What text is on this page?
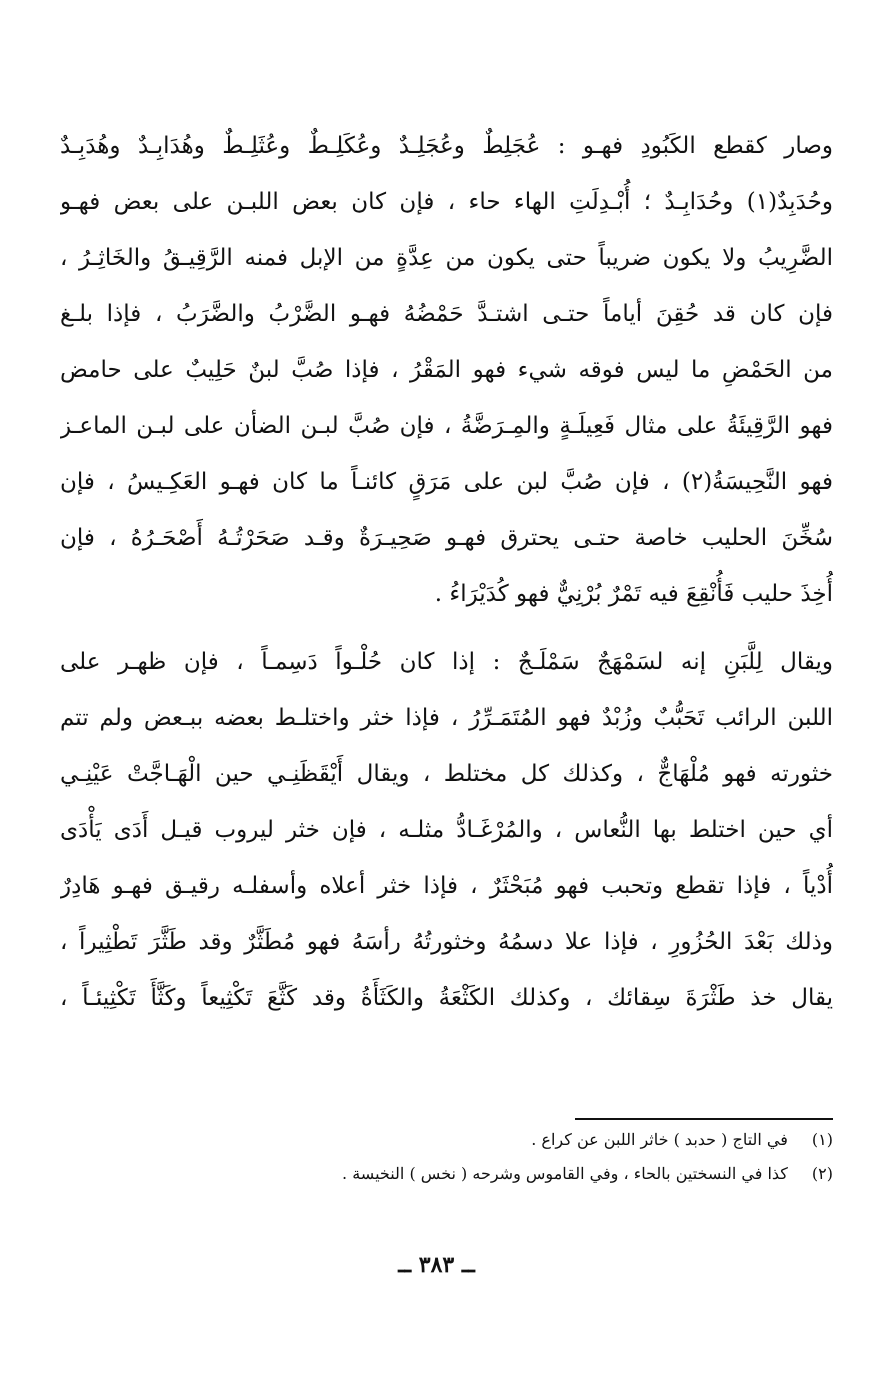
وصار كقطع الكَبُودِ فهـو : عُجَلِطٌ وعُجَلِـدٌ وعُكَلِـطٌ وعُثَلِـطٌ وهُدَابِـدٌ وهُدَبِـدٌ
وحُدَبِدٌ(١) وحُدَابِـدٌ ؛ أُبْـدِلَتِ الهاء حاء ، فإن كان بعض اللبـن على بعض فهـو
الضَّرِيبُ ولا يكون ضريباً حتى يكون من عِدَّةٍ من الإبل فمنه الرَّقِيـقُ والخَاثِـرُ ،
فإن كان قد حُقِنَ أياماً حتـى اشتـدَّ حَمْضُهُ فهـو الضَّرْبُ والضَّرَبُ ، فإذا بلـغ
من الحَمْضِ ما ليس فوقه شيء فهو المَقْرُ ، فإذا صُبَّ لبنٌ حَلِيبٌ على حامض
فهو الرَّقِيئَةُ على مثال فَعِيلَـةٍ والمِـرَضَّةُ ، فإن صُبَّ لبـن الضأن على لبـن الماعـز
فهو النَّحِيسَةُ(٢) ، فإن صُبَّ لبن على مَرَقٍ كائنـاً ما كان فهـو العَكِـيسُ ، فإن
سُخِّنَ الحليب خاصة حتـى يحترق فهـو صَحِيـرَةٌ وقـد صَحَرْتُـهُ أَصْحَـرُهُ ، فإن
أُخِذَ حليب فَأُنْقِعَ فيه تَمْرٌ بُرْنِيٌّ فهو كُدَيْرَاءُ .
ويقال لِلَّبَنِ إنه لسَمْهَجٌ سَمْلَـجٌ : إذا كان حُلْـواً دَسِمـاً ، فإن ظهـر على
اللبن الرائب تَحَبُّبٌ وزُبْدٌ فهو المُتَمَـرِّرُ ، فإذا خثر واختلـط بعضه ببـعض ولم تتم
خثورته فهو مُلْهَاجٌّ ، وكذلك كل مختلط ، ويقال أَيْقَظَنِـي حين الْهَـاجَّتْ عَيْنِـي
أي حين اختلط بها النُّعاس ، والمُرْغَـادُّ مثلـه ، فإن خثر ليروب قيـل أَدَى يَأْدَى
أُدْياً ، فإذا تقطع وتحبب فهو مُبَحْثَرٌ ، فإذا خثر أعلاه وأسفلـه رقيـق فهـو هَادِرٌ
وذلك بَعْدَ الحُزُورِ ، فإذا علا دسمُهُ وخثورتُهُ رأسَهُ فهو مُطَثَّرٌ وقد طَثَّرَ تَطْثِيراً ،
يقال خذ طَثْرَةَ سِقائك ، وكذلك الكَثْعَةُ والكَثَأَةُ وقد كَثَّعَ تَكْثِيعاً وكَثَّأَ تَكْثِيئـاً ،
(١) في التاج ( حدبد ) خاثر اللبن عن كراع .
(٢) كذا في النسختين بالحاء ، وفي القاموس وشرحه ( نخس ) النخيسة .
ــ ٣٨٣ ــ
